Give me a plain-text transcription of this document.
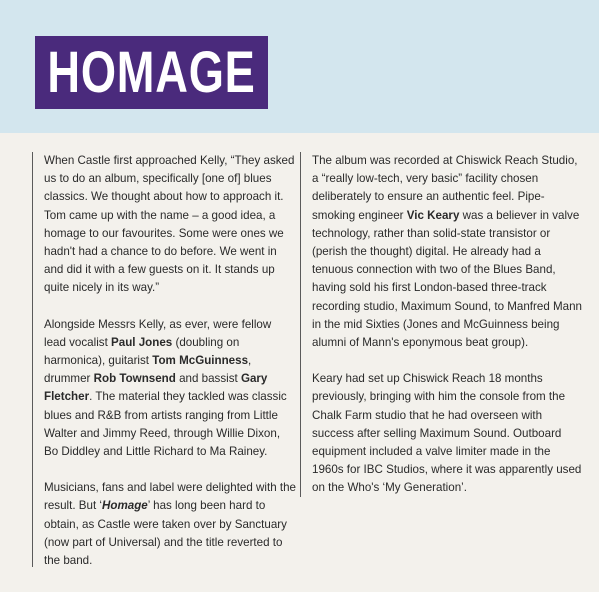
HOMAGE

When Castle first approached Kelly, “They asked us to do an album, specifically [one of] blues classics. We thought about how to approach it. Tom came up with the name – a good idea, a homage to our favourites. Some were ones we hadn't had a chance to do before. We went in and did it with a few guests on it. It stands up quite nicely in its way.”

Alongside Messrs Kelly, as ever, were fellow lead vocalist Paul Jones (doubling on harmonica), guitarist Tom McGuinness, drummer Rob Townsend and bassist Gary Fletcher. The material they tackled was classic blues and R&B from artists ranging from Little Walter and Jimmy Reed, through Willie Dixon, Bo Diddley and Little Richard to Ma Rainey.

Musicians, fans and label were delighted with the result. But ‘Homage’ has long been hard to obtain, as Castle were taken over by Sanctuary (now part of Universal) and the title reverted to the band.

The album was recorded at Chiswick Reach Studio, a “really low-tech, very basic” facility chosen deliberately to ensure an authentic feel. Pipe-smoking engineer Vic Keary was a believer in valve technology, rather than solid-state transistor or (perish the thought) digital. He already had a tenuous connection with two of the Blues Band, having sold his first London-based three-track recording studio, Maximum Sound, to Manfred Mann in the mid Sixties (Jones and McGuinness being alumni of Mann's eponymous beat group).

Keary had set up Chiswick Reach 18 months previously, bringing with him the console from the Chalk Farm studio that he had overseen with success after selling Maximum Sound. Outboard equipment included a valve limiter made in the 1960s for IBC Studios, where it was apparently used on the Who's ‘My Generation’.
